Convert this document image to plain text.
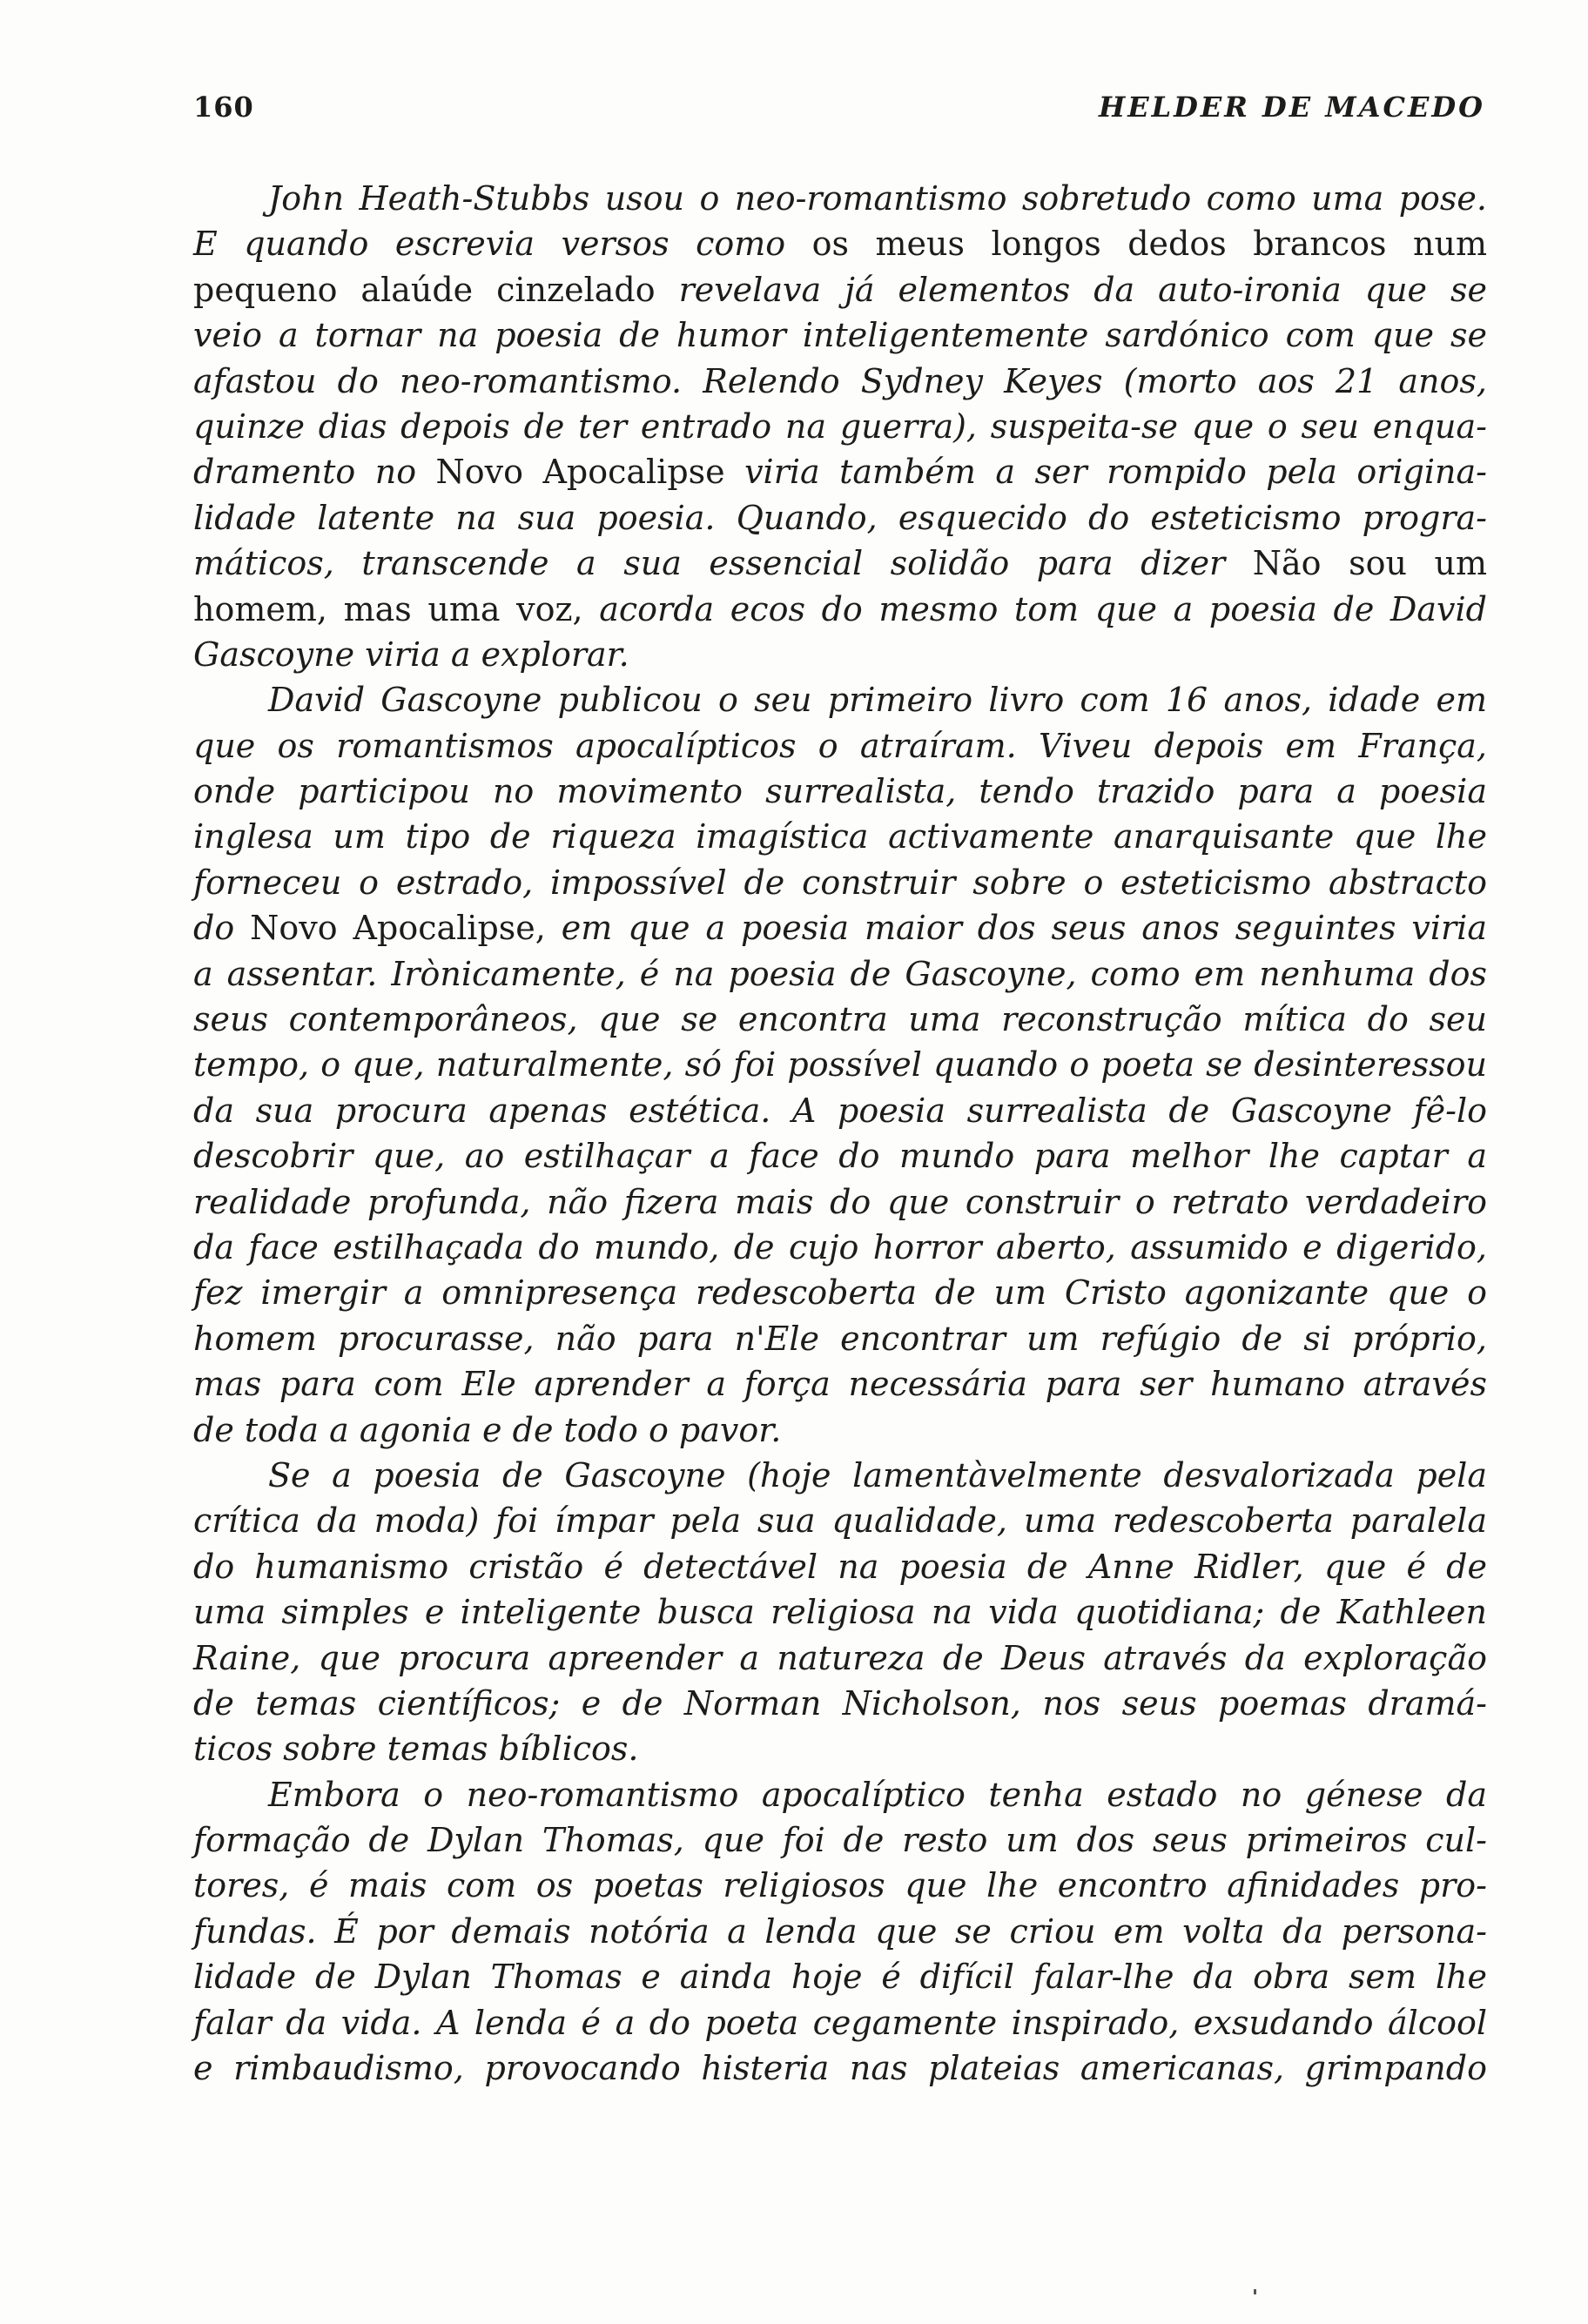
160	HELDER DE MACEDO
John Heath-Stubbs usou o neo-romantismo sobretudo como uma pose.
E quando escrevia versos como os meus longos dedos brancos num
pequeno alaúde cinzelado revelava já elementos da auto-ironia que se
veio a tornar na poesia de humor inteligentemente sardónico com que se
afastou do neo-romantismo. Relendo Sydney Keyes (morto aos 21 anos,
quinze dias depois de ter entrado na guerra), suspeita-se que o seu enqua-
dramento no Novo Apocalipse viria também a ser rompido pela origina-
lidade latente na sua poesia. Quando, esquecido do esteticismo progra-
máticos, transcende a sua essencial solidão para dizer Não sou um
homem, mas uma voz, acorda ecos do mesmo tom que a poesia de David
Gascoyne viria a explorar.
David Gascoyne publicou o seu primeiro livro com 16 anos, idade em
que os romantismos apocalípticos o atraíram. Viveu depois em França,
onde participou no movimento surrealista, tendo trazido para a poesia
inglesa um tipo de riqueza imagística activamente anarquisante que lhe
forneceu o estrado, impossível de construir sobre o esteticismo abstracto
do Novo Apocalipse, em que a poesia maior dos seus anos seguintes viria
a assentar. Irònicamente, é na poesia de Gascoyne, como em nenhuma dos
seus contemporâneos, que se encontra uma reconstrução mítica do seu
tempo, o que, naturalmente, só foi possível quando o poeta se desinteressou
da sua procura apenas estética. A poesia surrealista de Gascoyne fê-lo
descobrir que, ao estilhaçar a face do mundo para melhor lhe captar a
realidade profunda, não fizera mais do que construir o retrato verdadeiro
da face estilhaçada do mundo, de cujo horror aberto, assumido e digerido,
fez imergir a omnipresença redescoberta de um Cristo agonizante que o
homem procurasse, não para n'Ele encontrar um refúgio de si próprio,
mas para com Ele aprender a força necessária para ser humano através
de toda a agonia e de todo o pavor.
Se a poesia de Gascoyne (hoje lamentàvelmente desvalorizada pela
crítica da moda) foi ímpar pela sua qualidade, uma redescoberta paralela
do humanismo cristão é detectável na poesia de Anne Ridler, que é de
uma simples e inteligente busca religiosa na vida quotidiana; de Kathleen
Raine, que procura apreender a natureza de Deus através da exploração
de temas científicos; e de Norman Nicholson, nos seus poemas dramá-
ticos sobre temas bíblicos.
Embora o neo-romantismo apocalíptico tenha estado no génese da
formação de Dylan Thomas, que foi de resto um dos seus primeiros cul-
tores, é mais com os poetas religiosos que lhe encontro afinidades pro-
fundas. É por demais notória a lenda que se criou em volta da persona-
lidade de Dylan Thomas e ainda hoje é difícil falar-lhe da obra sem lhe
falar da vida. A lenda é a do poeta cegamente inspirado, exsudando álcool
e rimbaudismo, provocando histeria nas plateias americanas, grimpando
